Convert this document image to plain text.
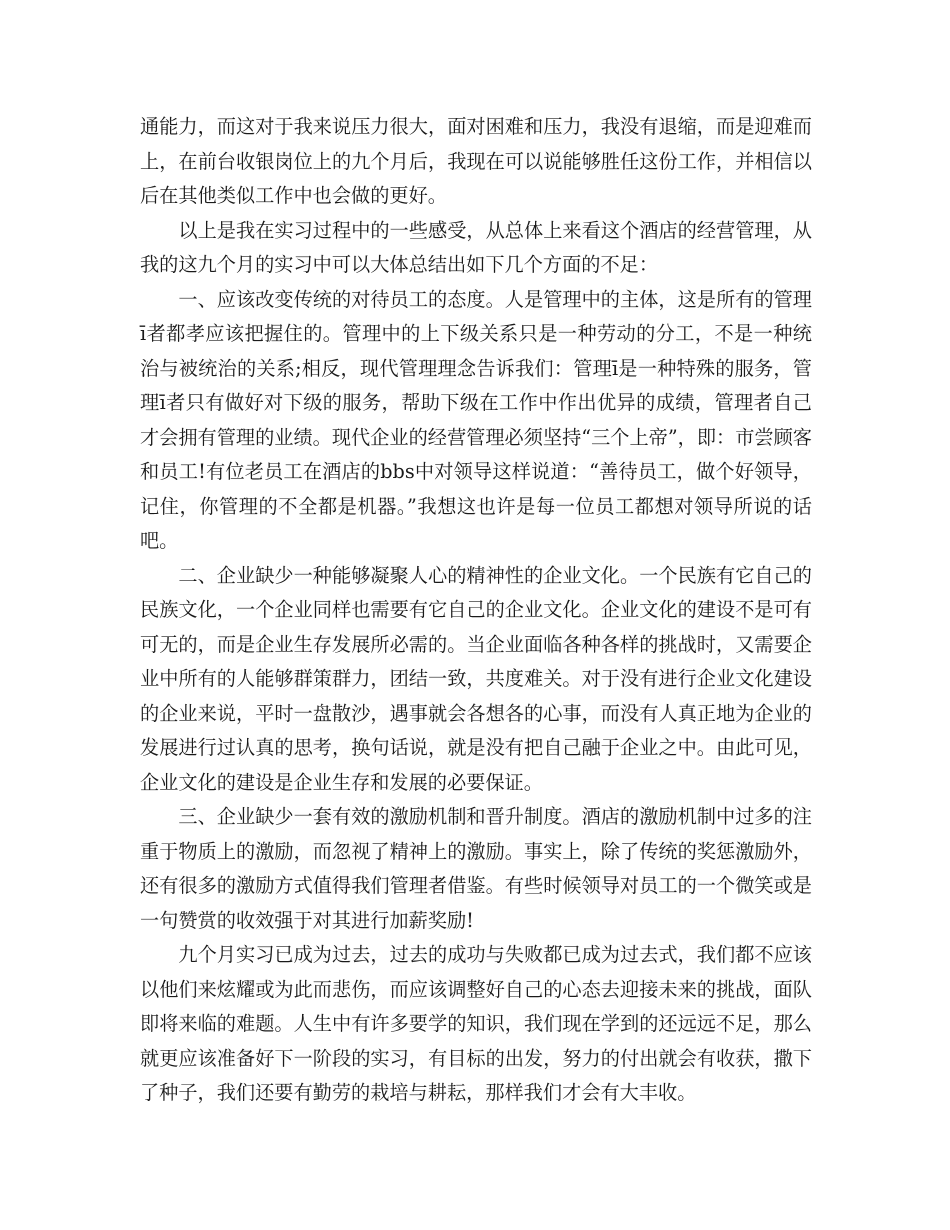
通能力，而这对于我来说压力很大，面对困难和压力，我没有退缩，而是迎难而上，在前台收银岗位上的九个月后，我现在可以说能够胜任这份工作，并相信以后在其他类似工作中也会做的更好。

以上是我在实习过程中的一些感受，从总体上来看这个酒店的经营管理，从我的这九个月的实习中可以大体总结出如下几个方面的不足：

一、应该改变传统的对待员工的态度。人是管理中的主体，这是所有的管理ī者都孝应该把握住的。管理中的上下级关系只是一种劳动的分工，不是一种统治与被统治的关系;相反，现代管理理念告诉我们：管理ī是一种特殊的服务，管理ī者只有做好对下级的服务，帮助下级在工作中作出优异的成绩，管理者自己才会拥有管理的业绩。现代企业的经营管理必须坚持“三个上帝”，即：市尝顾客和员工!有位老员工在酒店的bbs中对领导这样说道：“善待员工，做个好领导，记住，你管理的不全都是机器。”我想这也许是每一位员工都想对领导所说的话吧。

二、企业缺少一种能够凝聚人心的精神性的企业文化。一个民族有它自己的民族文化，一个企业同样也需要有它自己的企业文化。企业文化的建设不是可有可无的，而是企业生存发展所必需的。当企业面临各种各样的挑战时，又需要企业中所有的人能够群策群力，团结一致，共度难关。对于没有进行企业文化建设的企业来说，平时一盘散沙，遇事就会各想各的心事，而没有人真正地为企业的发展进行过认真的思考，换句话说，就是没有把自己融于企业之中。由此可见，企业文化的建设是企业生存和发展的必要保证。

三、企业缺少一套有效的激励机制和晋升制度。酒店的激励机制中过多的注重于物质上的激励，而忽视了精神上的激励。事实上，除了传统的奖惩激励外，还有很多的激励方式值得我们管理者借鉴。有些时候领导对员工的一个微笑或是一句赞赏的收效强于对其进行加薪奖励!

九个月实习已成为过去，过去的成功与失败都已成为过去式，我们都不应该以他们来炫耀或为此而悲伤，而应该调整好自己的心态去迎接未来的挑战，面队即将来临的难题。人生中有许多要学的知识，我们现在学到的还远远不足，那么就更应该准备好下一阶段的实习，有目标的出发，努力的付出就会有收获，撒下了种子，我们还要有勤劳的栽培与耕耘，那样我们才会有大丰收。
